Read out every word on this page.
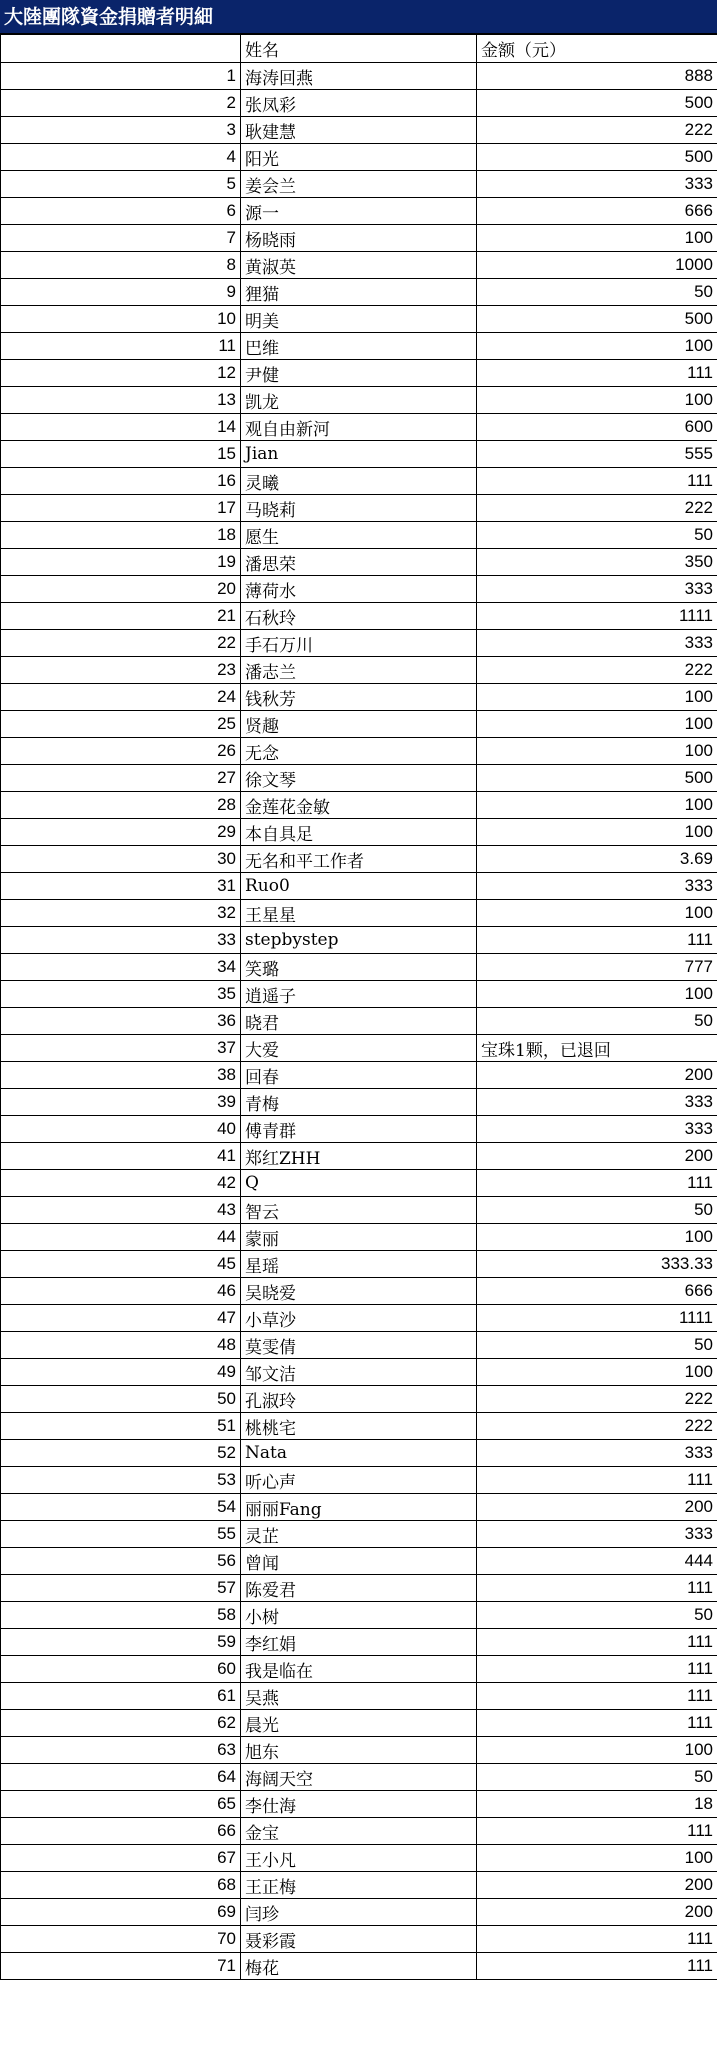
大陸團隊資金捐贈者明細
	姓名	金额（元）
1	海涛回燕	888
2	张凤彩	500
3	耿建慧	222
4	阳光	500
5	姜会兰	333
6	源一	666
7	杨晓雨	100
8	黄淑英	1000
9	狸猫	50
10	明美	500
11	巴维	100
12	尹健	111
13	凯龙	100
14	观自由新河	600
15	Jian	555
16	灵曦	111
17	马晓莉	222
18	愿生	50
19	潘思荣	350
20	薄荷水	333
21	石秋玲	1111
22	手石万川	333
23	潘志兰	222
24	钱秋芳	100
25	贤趣	100
26	无念	100
27	徐文琴	500
28	金莲花金敏	100
29	本自具足	100
30	无名和平工作者	3.69
31	Ruo0	333
32	王星星	100
33	stepbystep	111
34	笑璐	777
35	逍遥子	100
36	晓君	50
37	大爱	宝珠1颗，已退回
38	回春	200
39	青梅	333
40	傅青群	333
41	郑红ZHH	200
42	Q	111
43	智云	50
44	蒙丽	100
45	星瑶	333.33
46	吴晓爱	666
47	小草沙	1111
48	莫雯倩	50
49	邹文洁	100
50	孔淑玲	222
51	桃桃宅	222
52	Nata	333
53	听心声	111
54	丽丽Fang	200
55	灵芷	333
56	曾闻	444
57	陈爱君	111
58	小树	50
59	李红娟	111
60	我是临在	111
61	吴燕	111
62	晨光	111
63	旭东	100
64	海阔天空	50
65	李仕海	18
66	金宝	111
67	王小凡	100
68	王正梅	200
69	闫珍	200
70	聂彩霞	111
71	梅花	111
